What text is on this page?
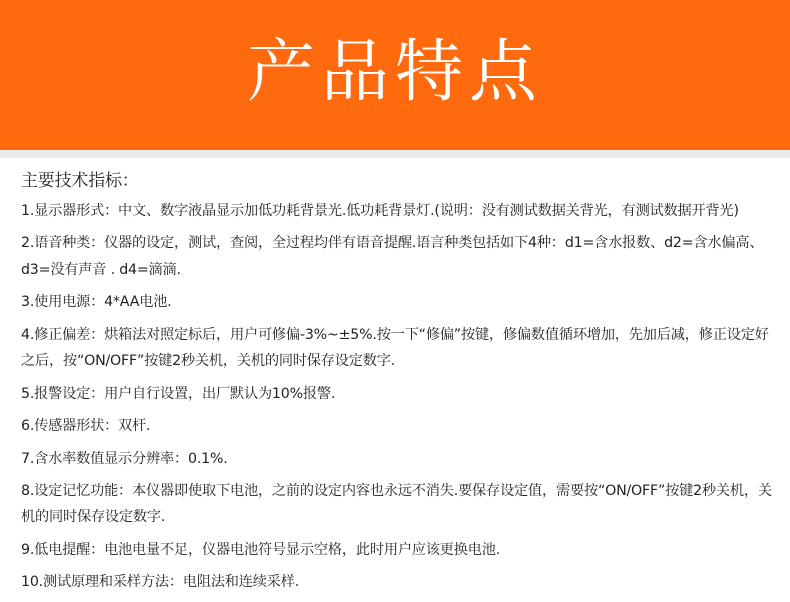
产品特点
主要技术指标：
1.显示器形式：中文、数字液晶显示加低功耗背景光.低功耗背景灯.(说明：没有测试数据关背光，有测试数据开背光)
2.语音种类：仪器的设定，测试，查阅，全过程均伴有语音提醒.语言种类包括如下4种：d1=含水报数、d2=含水偏高、d3=没有声音 . d4=滴滴.
3.使用电源：4*AA电池.
4.修正偏差：烘箱法对照定标后，用户可修偏-3%~±5%.按一下“修偏”按键，修偏数值循环增加，先加后减，修正设定好之后，按“ON/OFF”按键2秒关机，关机的同时保存设定数字.
5.报警设定：用户自行设置，出厂默认为10%报警.
6.传感器形状：双杆.
7.含水率数值显示分辨率：0.1%.
8.设定记忆功能：本仪器即使取下电池，之前的设定内容也永远不消失.要保存设定值，需要按“ON/OFF”按键2秒关机，关机的同时保存设定数字.
9.低电提醒：电池电量不足，仪器电池符号显示空格，此时用户应该更换电池.
10.测试原理和采样方法：电阻法和连续采样.
